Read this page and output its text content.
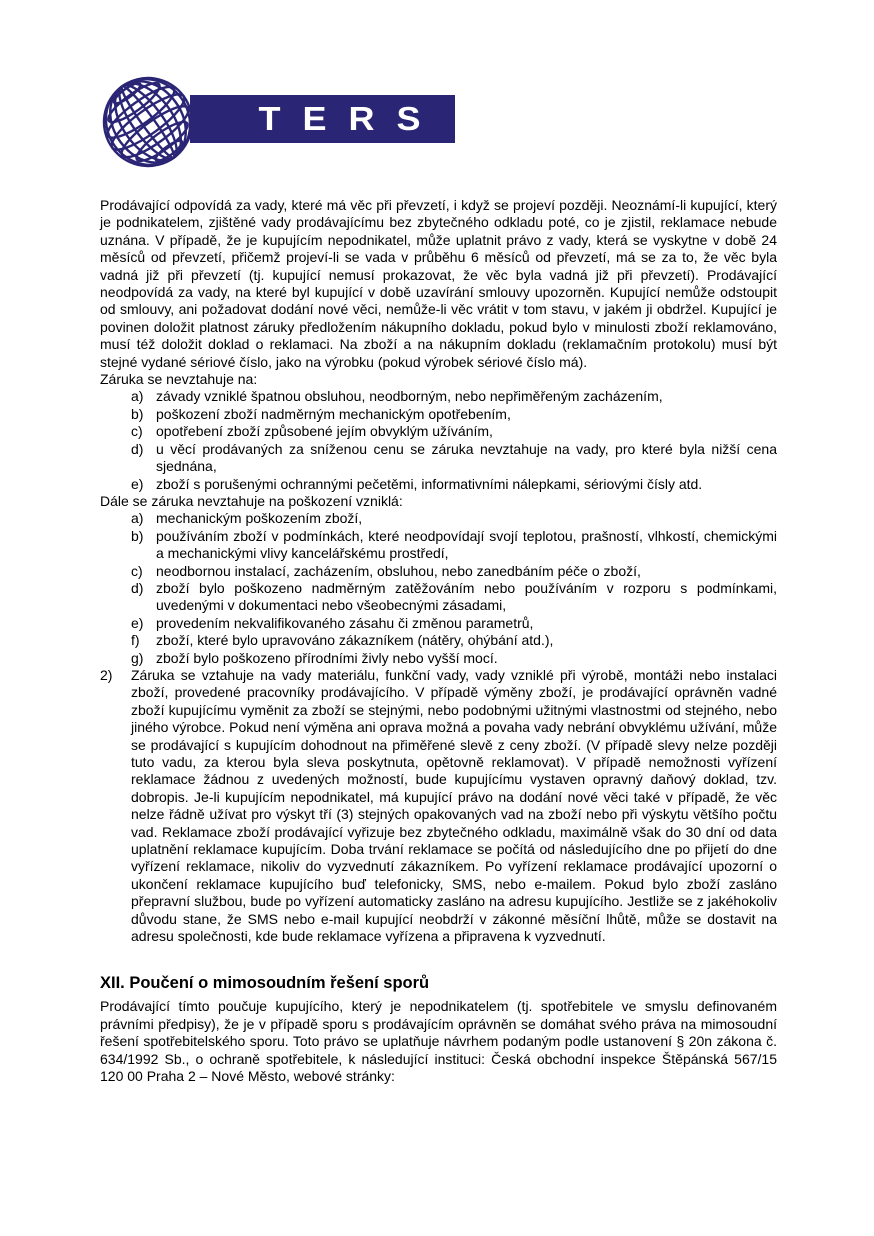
TERS

Prodávající odpovídá za vady, které má věc při převzetí, i když se projeví později. Neoznámí-li kupující, který je podnikatelem, zjištěné vady prodávajícímu bez zbytečného odkladu poté, co je zjistil, reklamace nebude uznána. V případě, že je kupujícím nepodnikatel, může uplatnit právo z vady, která se vyskytne v době 24 měsíců od převzetí, přičemž projeví-li se vada v průběhu 6 měsíců od převzetí, má se za to, že věc byla vadná již při převzetí (tj. kupující nemusí prokazovat, že věc byla vadná již při převzetí). Prodávající neodpovídá za vady, na které byl kupující v době uzavírání smlouvy upozorněn. Kupující nemůže odstoupit od smlouvy, ani požadovat dodání nové věci, nemůže-li věc vrátit v tom stavu, v jakém ji obdržel. Kupující je povinen doložit platnost záruky předložením nákupního dokladu, pokud bylo v minulosti zboží reklamováno, musí též doložit doklad o reklamaci. Na zboží a na nákupním dokladu (reklamačním protokolu) musí být stejné vydané sériové číslo, jako na výrobku (pokud výrobek sériové číslo má).

Záruka se nevztahuje na:
a) závady vzniklé špatnou obsluhou, neodborným, nebo nepřiměřeným zacházením,
b) poškození zboží nadměrným mechanickým opotřebením,
c) opotřebení zboží způsobené jejím obvyklým užíváním,
d) u věcí prodávaných za sníženou cenu se záruka nevztahuje na vady, pro které byla nižší cena sjednána,
e) zboží s porušenými ochrannými pečetěmi, informativními nálepkami, sériovými čísly atd.
Dále se záruka nevztahuje na poškození vzniklá:
a) mechanickým poškozením zboží,
b) používáním zboží v podmínkách, které neodpovídají svojí teplotou, prašností, vlhkostí, chemickými a mechanickými vlivy kancelářskému prostředí,
c) neodbornou instalací, zacházením, obsluhou, nebo zanedbáním péče o zboží,
d) zboží bylo poškozeno nadměrným zatěžováním nebo používáním v rozporu s podmínkami, uvedenými v dokumentaci nebo všeobecnými zásadami,
e) provedením nekvalifikovaného zásahu či změnou parametrů,
f)	zboží, které bylo upravováno zákazníkem (nátěry, ohýbání atd.),
g) zboží bylo poškozeno přírodními živly nebo vyšší mocí.
2)	Záruka se vztahuje na vady materiálu, funkční vady, vady vzniklé při výrobě, montáži nebo instalaci zboží, provedené pracovníky prodávajícího. V případě výměny zboží, je prodávající oprávněn vadné zboží kupujícímu vyměnit za zboží se stejnými, nebo podobnými užitnými vlastnostmi od stejného, nebo jiného výrobce. Pokud není výměna ani oprava možná a povaha vady nebrání obvyklému užívání, může se prodávající s kupujícím dohodnout na přiměřené slevě z ceny zboží. (V případě slevy nelze později tuto vadu, za kterou byla sleva poskytnuta, opětovně reklamovat). V případě nemožnosti vyřízení reklamace žádnou z uvedených možností, bude kupujícímu vystaven opravný daňový doklad, tzv. dobropis. Je-li kupujícím nepodnikatel, má kupující právo na dodání nové věci také v případě, že věc nelze řádně užívat pro výskyt tří (3) stejných opakovaných vad na zboží nebo při výskytu většího počtu vad. Reklamace zboží prodávající vyřizuje bez zbytečného odkladu, maximálně však do 30 dní od data uplatnění reklamace kupujícím. Doba trvání reklamace se počítá od následujícího dne po přijetí do dne vyřízení reklamace, nikoliv do vyzvednutí zákazníkem. Po vyřízení reklamace prodávající upozorní o ukončení reklamace kupujícího buď telefonicky, SMS, nebo e-mailem. Pokud bylo zboží zasláno přepravní službou, bude po vyřízení automaticky zasláno na adresu kupujícího. Jestliže se z jakéhokoliv důvodu stane, že SMS nebo e-mail kupující neobdrží v zákonné měsíční lhůtě, může se dostavit na adresu společnosti, kde bude reklamace vyřízena a připravena k vyzvednutí.
XII. Poučení o mimosoudním řešení sporů

Prodávající tímto poučuje kupujícího, který je nepodnikatelem (tj. spotřebitele ve smyslu definovaném právními předpisy), že je v případě sporu s prodávajícím oprávněn se domáhat svého práva na mimosoudní řešení spotřebitelského sporu. Toto právo se uplatňuje návrhem podaným podle ustanovení § 20n zákona č. 634/1992 Sb., o ochraně spotřebitele, k následující instituci: Česká obchodní inspekce Štěpánská 567/15 120 00 Praha 2 – Nové Město, webové stránky:
